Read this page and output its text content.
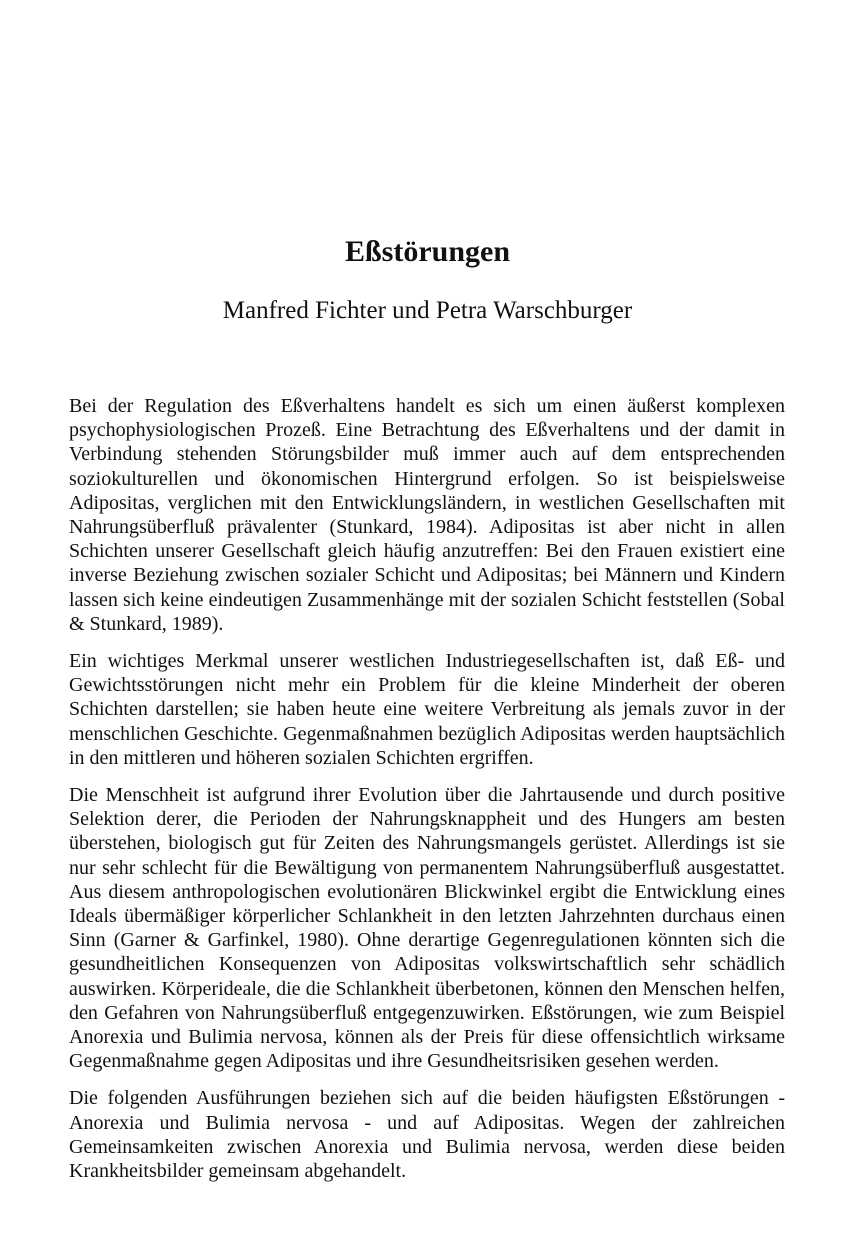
Eßstörungen
Manfred Fichter und Petra Warschburger

Bei der Regulation des Eßverhaltens handelt es sich um einen äußerst komplexen psychophysiologischen Prozeß. Eine Betrachtung des Eßverhaltens und der damit in Verbindung stehenden Störungsbilder muß immer auch auf dem entsprechenden soziokulturellen und ökonomischen Hintergrund erfolgen. So ist beispielsweise Adipositas, verglichen mit den Entwicklungsländern, in westlichen Gesellschaften mit Nahrungsüberfluß prävalenter (Stunkard, 1984). Adipositas ist aber nicht in allen Schichten unserer Gesellschaft gleich häufig anzutreffen: Bei den Frauen existiert eine inverse Beziehung zwischen sozialer Schicht und Adipositas; bei Männern und Kindern lassen sich keine eindeutigen Zusammenhänge mit der sozialen Schicht feststellen (Sobal & Stunkard, 1989).

Ein wichtiges Merkmal unserer westlichen Industriegesellschaften ist, daß Eß- und Gewichtsstörungen nicht mehr ein Problem für die kleine Minderheit der oberen Schichten darstellen; sie haben heute eine weitere Verbreitung als jemals zuvor in der menschlichen Geschichte. Gegenmaßnahmen bezüglich Adipositas werden hauptsächlich in den mittleren und höheren sozialen Schichten ergriffen.

Die Menschheit ist aufgrund ihrer Evolution über die Jahrtausende und durch positive Selektion derer, die Perioden der Nahrungsknappheit und des Hungers am besten überstehen, biologisch gut für Zeiten des Nahrungsmangels gerüstet. Allerdings ist sie nur sehr schlecht für die Bewältigung von permanentem Nahrungsüberfluß ausgestattet. Aus diesem anthropologischen evolutionären Blickwinkel ergibt die Entwicklung eines Ideals übermäßiger körperlicher Schlankheit in den letzten Jahrzehnten durchaus einen Sinn (Garner & Garfinkel, 1980). Ohne derartige Gegenregulationen könnten sich die gesundheitlichen Konsequenzen von Adipositas volkswirtschaftlich sehr schädlich auswirken. Körperideale, die die Schlankheit überbetonen, können den Menschen helfen, den Gefahren von Nahrungsüberfluß entgegenzuwirken. Eßstörungen, wie zum Beispiel Anorexia und Bulimia nervosa, können als der Preis für diese offensichtlich wirksame Gegenmaßnahme gegen Adipositas und ihre Gesundheitsrisiken gesehen werden.

Die folgenden Ausführungen beziehen sich auf die beiden häufigsten Eßstörungen - Anorexia und Bulimia nervosa - und auf Adipositas. Wegen der zahlreichen Gemeinsamkeiten zwischen Anorexia und Bulimia nervosa, werden diese beiden Krankheitsbilder gemeinsam abgehandelt.
